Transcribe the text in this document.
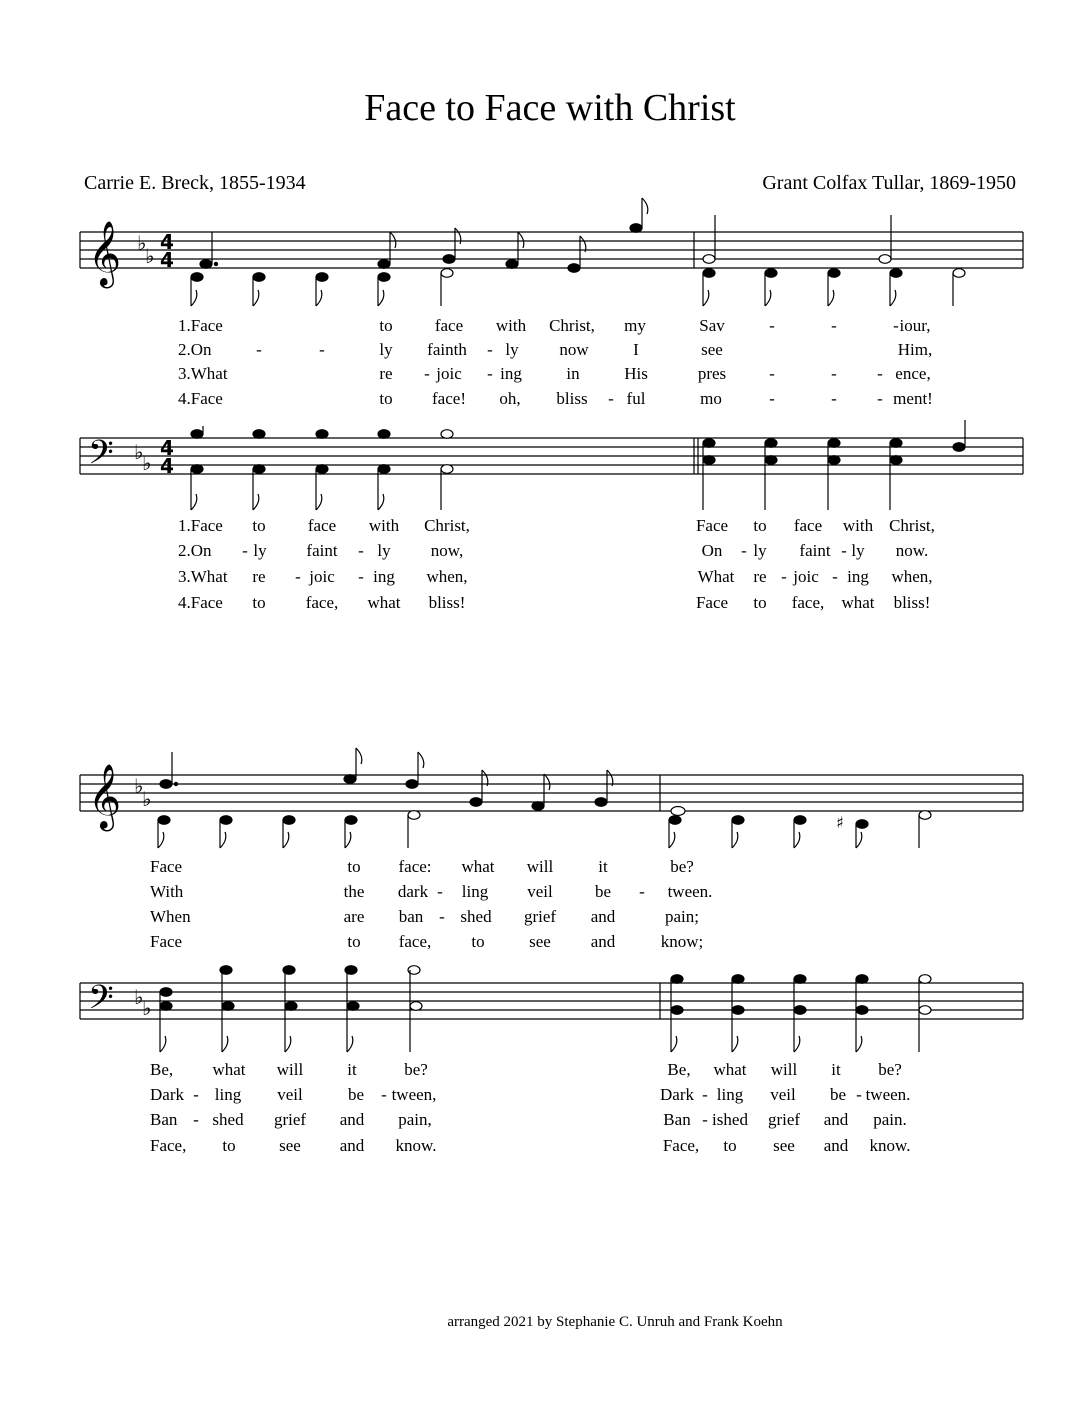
Face to Face with Christ
Carrie E. Breck, 1855-1934	Grant Colfax Tullar, 1869-1950
𝄞 ♭
♭
4
4
1.Face	to face with Christ, my	Sav	-	-	- iour,
2.On	-	-	ly fainth - ly now	I	see	Him,
3.What	re - joic - ing	in	His	pres	-	- - ence,
4.Face	to face! oh, bliss - ful	mo	-	- - ment!
𝄢 ♭
♭
4
4
1.Face to face with Christ,	Face to face with Christ,
2.On - ly faint - ly now,	On - ly faint - ly now.
3.What re - joic - ing when,	What re - joic - ing when,
4.Face to face, what bliss!	Face to face, what bliss!
𝄞 ♭
♭
♯
Face	to face: what will	it	be?
With	the dark - ling veil be - tween.
When	are ban - shed grief and	pain;
Face	to face, to	see and	know;
𝄢 ♭
♭
Be, what will	it	be?	Be, what will it be?
Dark - ling veil	be - tween,	Dark - ling veil be - tween.
Ban - shed grief and pain,	Ban - ished grief and pain.
Face, to	see and know.	Face, to see and know.
arranged 2021 by Stephanie C. Unruh and Frank Koehn
